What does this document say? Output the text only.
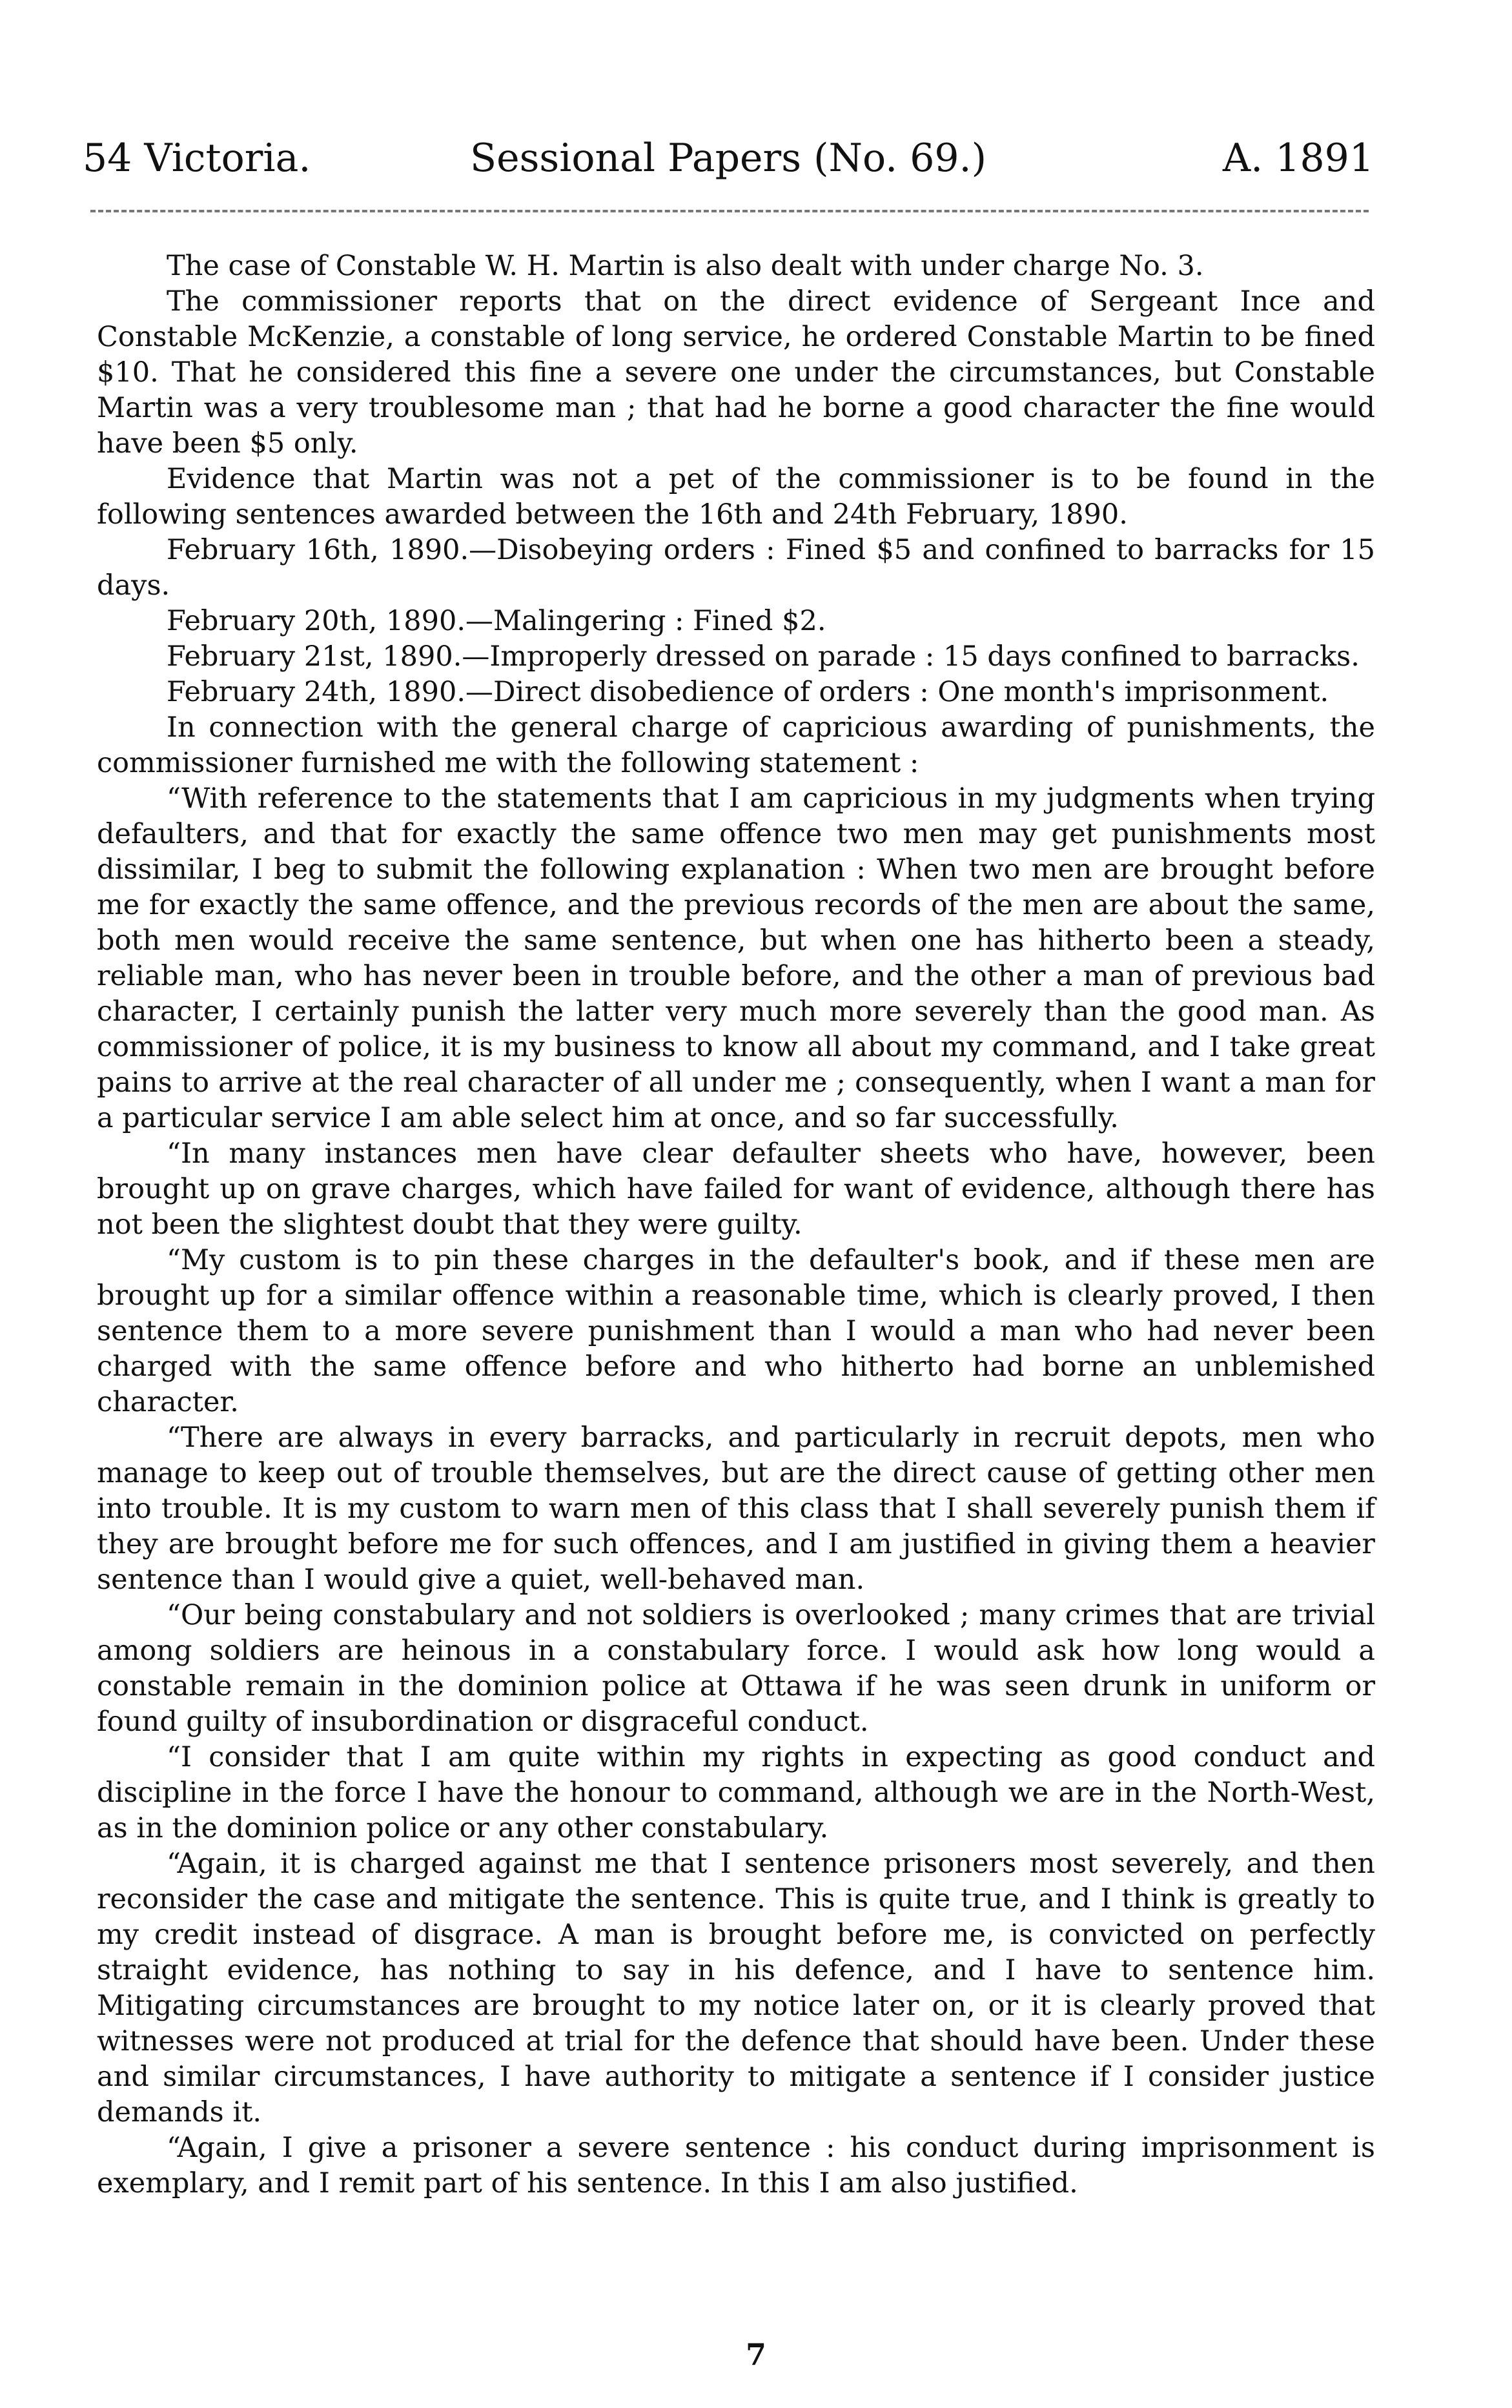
54 Victoria.	Sessional Papers (No. 69.)	A. 1891

The case of Constable W. H. Martin is also dealt with under charge No. 3.

The commissioner reports that on the direct evidence of Sergeant Ince and Constable McKenzie, a constable of long service, he ordered Constable Martin to be fined $10. That he considered this fine a severe one under the circumstances, but Constable Martin was a very troublesome man ; that had he borne a good character the fine would have been $5 only.

Evidence that Martin was not a pet of the commissioner is to be found in the following sentences awarded between the 16th and 24th February, 1890.

February 16th, 1890.—Disobeying orders : Fined $5 and confined to barracks for 15 days.

February 20th, 1890.—Malingering : Fined $2.

February 21st, 1890.—Improperly dressed on parade : 15 days confined to barracks.

February 24th, 1890.—Direct disobedience of orders : One month's imprisonment.

In connection with the general charge of capricious awarding of punishments, the commissioner furnished me with the following statement :

“With reference to the statements that I am capricious in my judgments when trying defaulters, and that for exactly the same offence two men may get punishments most dissimilar, I beg to submit the following explanation : When two men are brought before me for exactly the same offence, and the previous records of the men are about the same, both men would receive the same sentence, but when one has hitherto been a steady, reliable man, who has never been in trouble before, and the other a man of previous bad character, I certainly punish the latter very much more severely than the good man. As commissioner of police, it is my business to know all about my command, and I take great pains to arrive at the real character of all under me ; consequently, when I want a man for a particular service I am able select him at once, and so far successfully.

“In many instances men have clear defaulter sheets who have, however, been brought up on grave charges, which have failed for want of evidence, although there has not been the slightest doubt that they were guilty.

“My custom is to pin these charges in the defaulter's book, and if these men are brought up for a similar offence within a reasonable time, which is clearly proved, I then sentence them to a more severe punishment than I would a man who had never been charged with the same offence before and who hitherto had borne an unblemished character.

“There are always in every barracks, and particularly in recruit depots, men who manage to keep out of trouble themselves, but are the direct cause of getting other men into trouble. It is my custom to warn men of this class that I shall severely punish them if they are brought before me for such offences, and I am justified in giving them a heavier sentence than I would give a quiet, well-behaved man.

“Our being constabulary and not soldiers is overlooked ; many crimes that are trivial among soldiers are heinous in a constabulary force. I would ask how long would a constable remain in the dominion police at Ottawa if he was seen drunk in uniform or found guilty of insubordination or disgraceful conduct.

“I consider that I am quite within my rights in expecting as good conduct and discipline in the force I have the honour to command, although we are in the North-West, as in the dominion police or any other constabulary.

“Again, it is charged against me that I sentence prisoners most severely, and then reconsider the case and mitigate the sentence. This is quite true, and I think is greatly to my credit instead of disgrace. A man is brought before me, is convicted on perfectly straight evidence, has nothing to say in his defence, and I have to sentence him. Mitigating circumstances are brought to my notice later on, or it is clearly proved that witnesses were not produced at trial for the defence that should have been. Under these and similar circumstances, I have authority to mitigate a sentence if I consider justice demands it.

“Again, I give a prisoner a severe sentence : his conduct during imprisonment is exemplary, and I remit part of his sentence. In this I am also justified.

7
